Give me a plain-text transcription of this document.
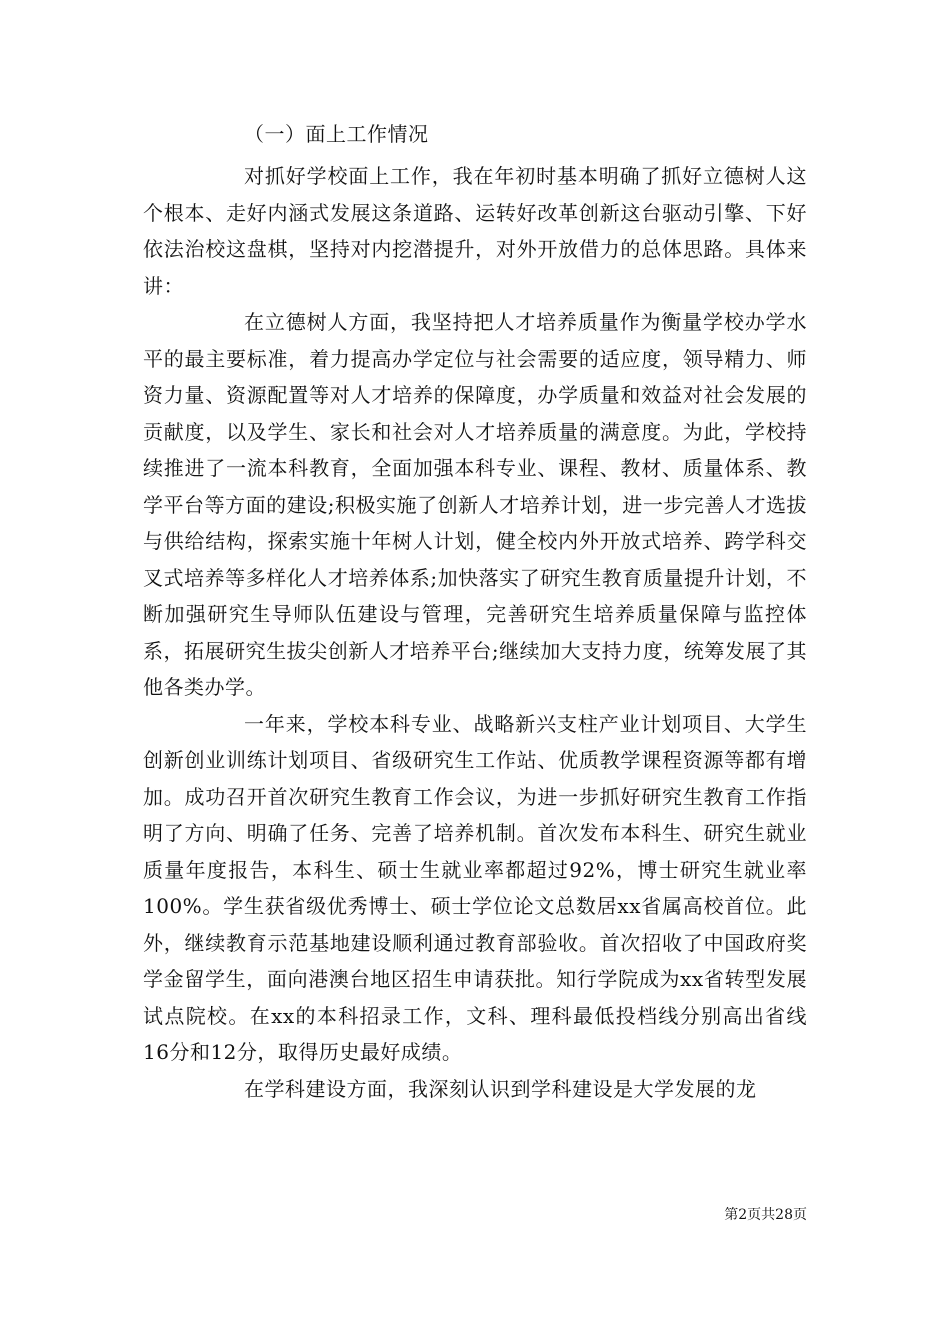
（一）面上工作情况

对抓好学校面上工作，我在年初时基本明确了抓好立德树人这个根本、走好内涵式发展这条道路、运转好改革创新这台驱动引擎、下好依法治校这盘棋，坚持对内挖潜提升，对外开放借力的总体思路。具体来讲：

在立德树人方面，我坚持把人才培养质量作为衡量学校办学水平的最主要标准，着力提高办学定位与社会需要的适应度，领导精力、师资力量、资源配置等对人才培养的保障度，办学质量和效益对社会发展的贡献度，以及学生、家长和社会对人才培养质量的满意度。为此，学校持续推进了一流本科教育，全面加强本科专业、课程、教材、质量体系、教学平台等方面的建设;积极实施了创新人才培养计划，进一步完善人才选拔与供给结构，探索实施十年树人计划，健全校内外开放式培养、跨学科交叉式培养等多样化人才培养体系;加快落实了研究生教育质量提升计划，不断加强研究生导师队伍建设与管理，完善研究生培养质量保障与监控体系，拓展研究生拔尖创新人才培养平台;继续加大支持力度，统筹发展了其他各类办学。

一年来，学校本科专业、战略新兴支柱产业计划项目、大学生创新创业训练计划项目、省级研究生工作站、优质教学课程资源等都有增加。成功召开首次研究生教育工作会议，为进一步抓好研究生教育工作指明了方向、明确了任务、完善了培养机制。首次发布本科生、研究生就业质量年度报告，本科生、硕士生就业率都超过92%，博士研究生就业率100%。学生获省级优秀博士、硕士学位论文总数居xx省属高校首位。此外，继续教育示范基地建设顺利通过教育部验收。首次招收了中国政府奖学金留学生，面向港澳台地区招生申请获批。知行学院成为xx省转型发展试点院校。在xx的本科招录工作，文科、理科最低投档线分别高出省线16分和12分，取得历史最好成绩。

在学科建设方面，我深刻认识到学科建设是大学发展的龙

第2页共28页
